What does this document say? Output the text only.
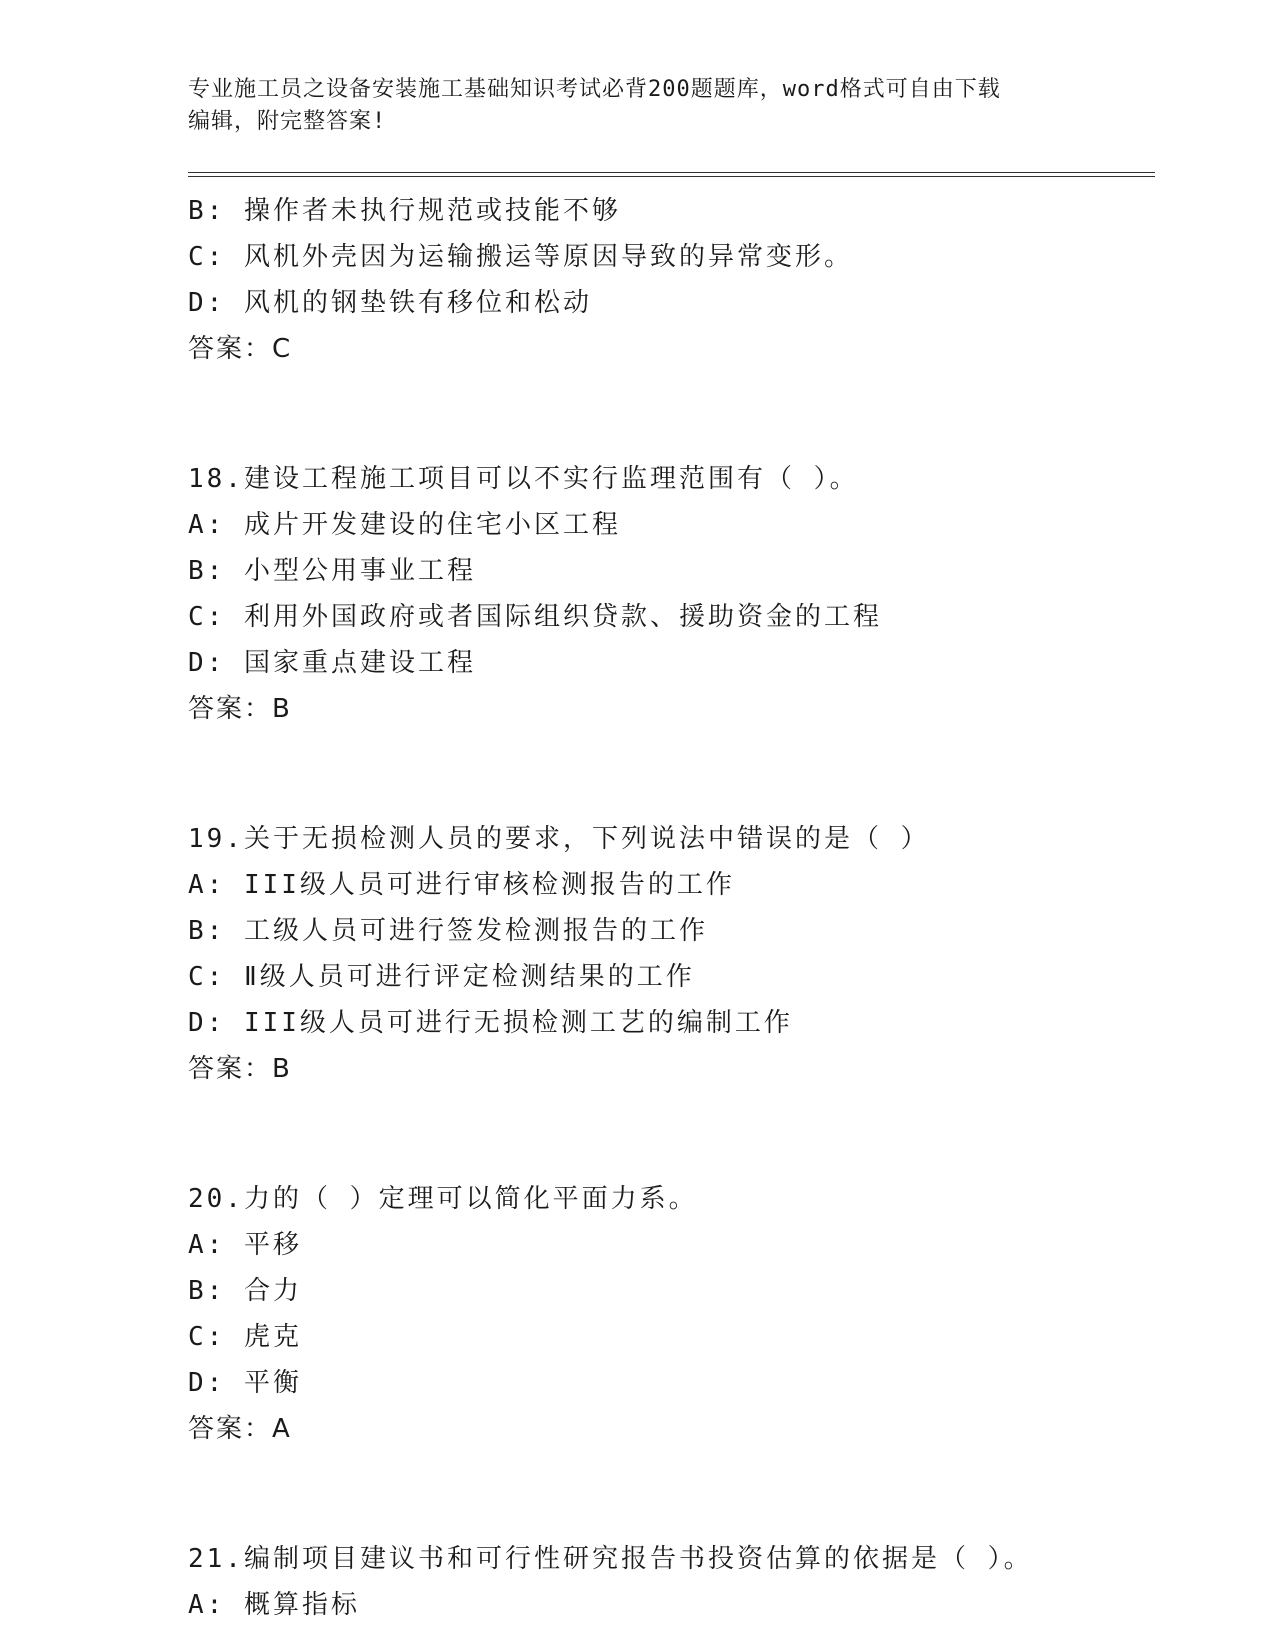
专业施工员之设备安装施工基础知识考试必背200题题库，word格式可自由下载
编辑，附完整答案!
B: 操作者未执行规范或技能不够
C: 风机外壳因为运输搬运等原因导致的异常变形。
D: 风机的钢垫铁有移位和松动
答案：C
18.建设工程施工项目可以不实行监理范围有（ ）。
A: 成片开发建设的住宅小区工程
B: 小型公用事业工程
C: 利用外国政府或者国际组织贷款、援助资金的工程
D: 国家重点建设工程
答案：B
19.关于无损检测人员的要求，下列说法中错误的是（ ）
A: III级人员可进行审核检测报告的工作
B: 工级人员可进行签发检测报告的工作
C: Ⅱ级人员可进行评定检测结果的工作
D: III级人员可进行无损检测工艺的编制工作
答案：B
20.力的（ ）定理可以简化平面力系。
A: 平移
B: 合力
C: 虎克
D: 平衡
答案：A
21.编制项目建议书和可行性研究报告书投资估算的依据是（ ）。
A: 概算指标
